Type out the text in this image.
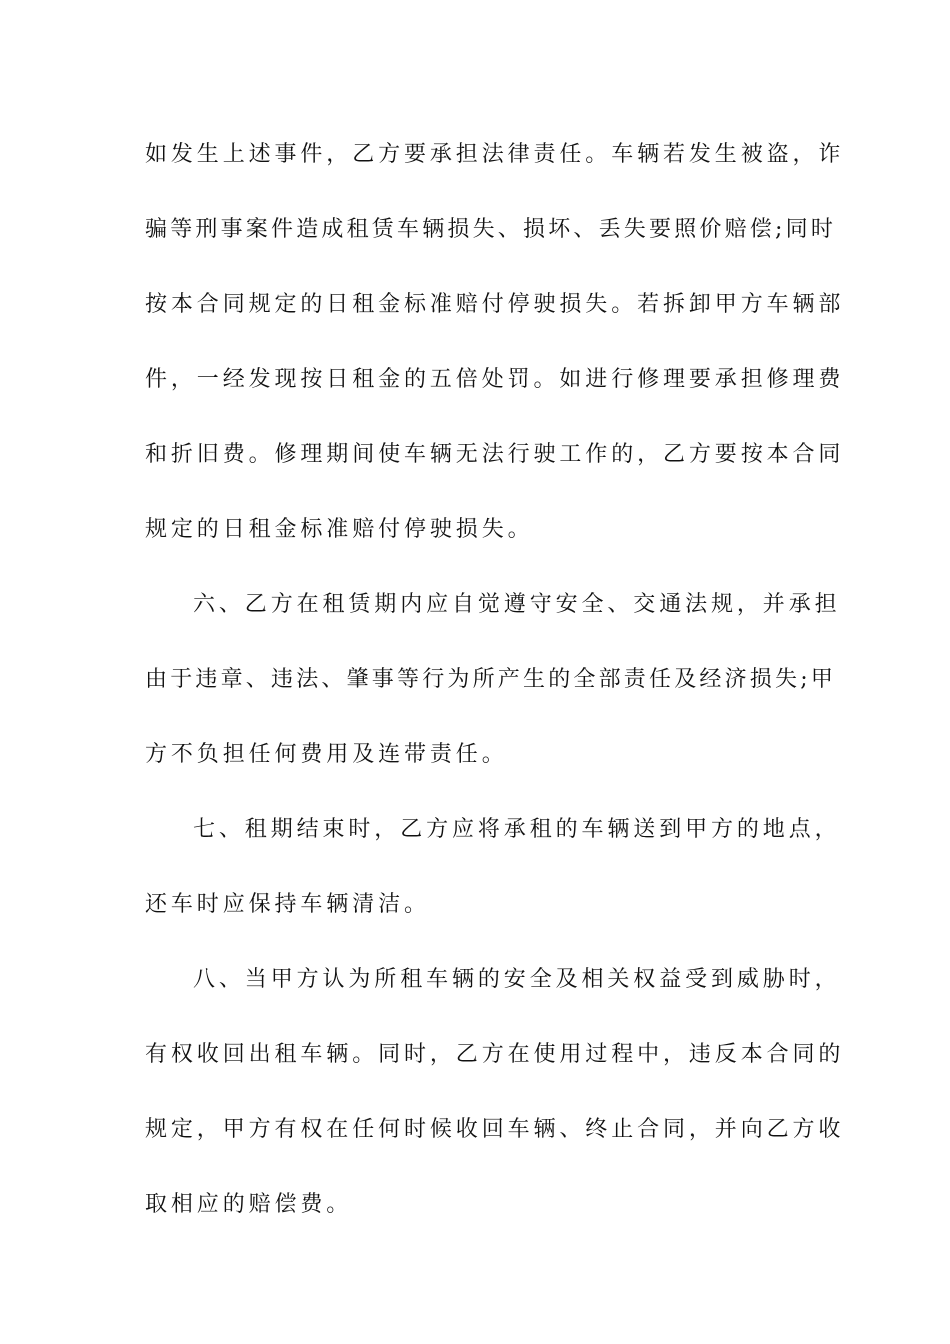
如发生上述事件，乙方要承担法律责任。车辆若发生被盗，诈
骗等刑事案件造成租赁车辆损失、损坏、丢失要照价赔偿;同时
按本合同规定的日租金标准赔付停驶损失。若拆卸甲方车辆部
件，一经发现按日租金的五倍处罚。如进行修理要承担修理费
和折旧费。修理期间使车辆无法行驶工作的，乙方要按本合同
规定的日租金标准赔付停驶损失。
六、乙方在租赁期内应自觉遵守安全、交通法规，并承担
由于违章、违法、肇事等行为所产生的全部责任及经济损失;甲
方不负担任何费用及连带责任。
七、租期结束时，乙方应将承租的车辆送到甲方的地点，
还车时应保持车辆清洁。
八、当甲方认为所租车辆的安全及相关权益受到威胁时，
有权收回出租车辆。同时，乙方在使用过程中，违反本合同的
规定，甲方有权在任何时候收回车辆、终止合同，并向乙方收
取相应的赔偿费。
